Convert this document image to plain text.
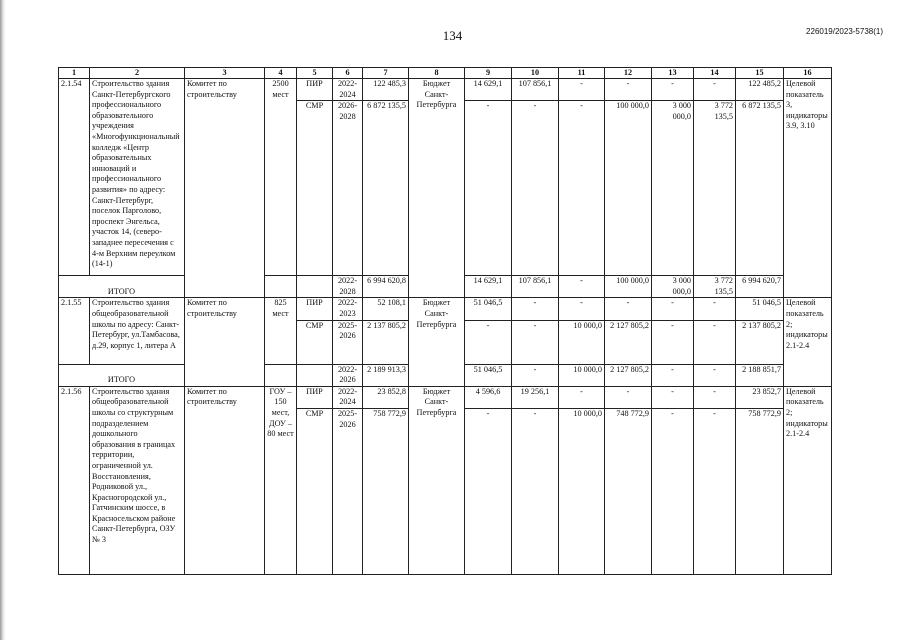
134	226019/2023-5738(1)
1	2	3	4	5	6	7	8	9	10	11	12	13	14	15	16
2.1.54	Строительство здания Санкт-Петербургского профессионального образовательного учреждения «Многофункциональный колледж «Центр образовательных инноваций и профессионального развития» по адресу: Санкт-Петербург, поселок Парголово, проспект Энгельса, участок 14, (северо-западнее пересечения с 4-м Верхним переулком (14-1)	Комитет по строительству	2500 мест	ПИР	2022-2024	122 485,3	Бюджет Санкт-Петербурга	14 629,1	107 856,1	-	-	-	-	122 485,2	Целевой показатель 3, индикаторы 3.9, 3.10
				СМР	2026-2028	6 872 135,5		-	-	-	100 000,0	3 000 000,0	3 772 135,5	6 872 135,5	
ИТОГО					2022-2028	6 994 620,8		14 629,1	107 856,1	-	100 000,0	3 000 000,0	3 772 135,5	6 994 620,7	
2.1.55	Строительство здания общеобразовательной школы по адресу: Санкт-Петербург, ул.Тамбасова, д.29, корпус 1, литера А	Комитет по строительству	825 мест	ПИР	2022-2023	52 108,1	Бюджет Санкт-Петербурга	51 046,5	-	-	-	-	-	51 046,5	Целевой показатель 2; индикаторы 2.1-2.4
				СМР	2025-2026	2 137 805,2		-	-	10 000,0	2 127 805,2	-	-	2 137 805,2	
ИТОГО					2022-2026	2 189 913,3		51 046,5	-	10 000,0	2 127 805,2	-	-	2 188 851,7	
2.1.56	Строительство здания общеобразовательной школы со структурным подразделением дошкольного образования в границах территории, ограниченной ул. Восстановления, Родниковой ул., Красногородской ул., Гатчинским шоссе, в Красносельском районе Санкт-Петербурга, ОЗУ № 3	Комитет по строительству	ГОУ – 150 мест, ДОУ – 80 мест	ПИР	2022-2024	23 852,8	Бюджет Санкт-Петербурга	4 596,6	19 256,1	-	-	-	-	23 852,7	Целевой показатель 2; индикаторы 2.1-2.4
				СМР	2025-2026	758 772,9		-	-	10 000,0	748 772,9	-	-	758 772,9	
